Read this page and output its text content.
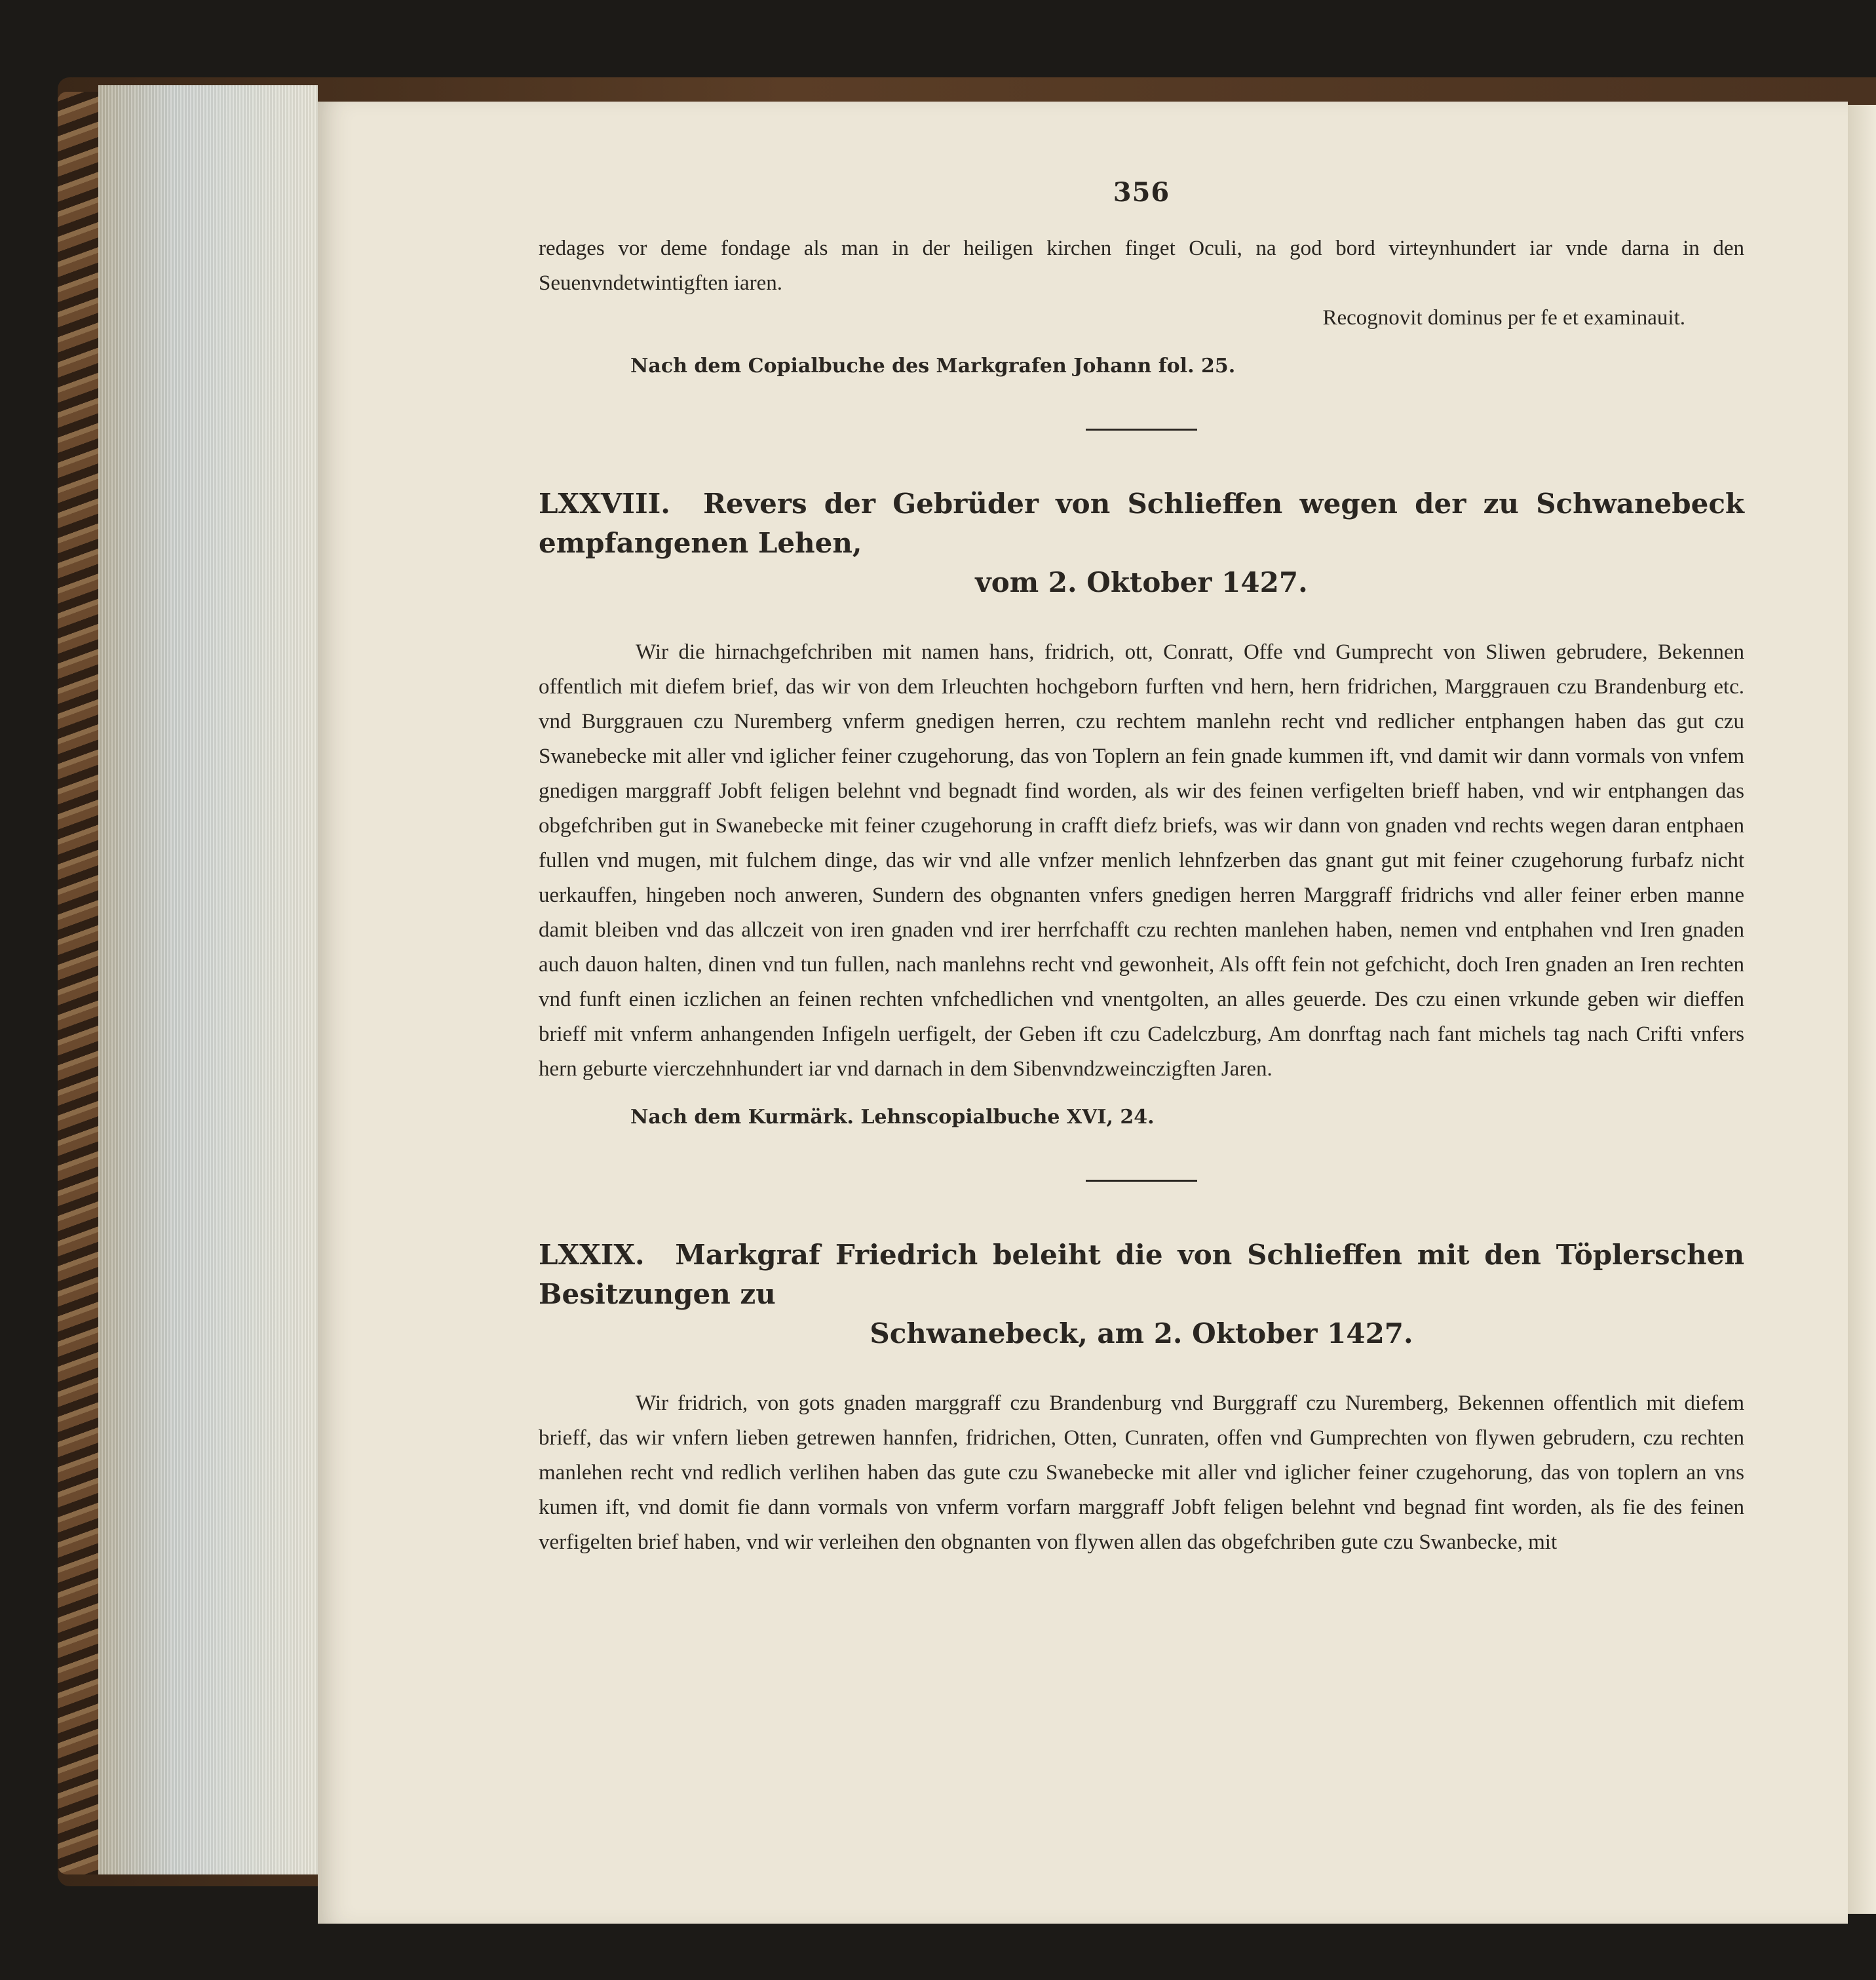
356

redages vor deme fondage als man in der heiligen kirchen finget Oculi, na god bord virteynhundert iar vnde darna in den Seuenvndetwintigften iaren.

Recognovit dominus per fe et examinauit.

Nach dem Copialbuche des Markgrafen Johann fol. 25.

LXXVIII. Revers der Gebrüder von Schlieffen wegen der zu Schwanebeck empfangenen Lehen,
vom 2. Oktober 1427.

Wir die hirnachgefchriben mit namen hans, fridrich, ott, Conratt, Offe vnd Gumprecht von Sliwen gebrudere, Bekennen offentlich mit diefem brief, das wir von dem Irleuchten hochgeborn furften vnd hern, hern fridrichen, Marggrauen czu Brandenburg etc. vnd Burggrauen czu Nuremberg vnferm gnedigen herren, czu rechtem manlehn recht vnd redlicher entphangen haben das gut czu Swanebecke mit aller vnd iglicher feiner czugehorung, das von Toplern an fein gnade kummen ift, vnd damit wir dann vormals von vnfem gnedigen marggraff Jobft feligen belehnt vnd begnadt find worden, als wir des feinen verfigelten brieff haben, vnd wir entphangen das obgefchriben gut in Swanebecke mit feiner czugehorung in crafft diefz briefs, was wir dann von gnaden vnd rechts wegen daran entphaen fullen vnd mugen, mit fulchem dinge, das wir vnd alle vnfzer menlich lehnfzerben das gnant gut mit feiner czugehorung furbafz nicht uerkauffen, hingeben noch anweren, Sundern des obgnanten vnfers gnedigen herren Marggraff fridrichs vnd aller feiner erben manne damit bleiben vnd das allczeit von iren gnaden vnd irer herrfchafft czu rechten manlehen haben, nemen vnd entphahen vnd Iren gnaden auch dauon halten, dinen vnd tun fullen, nach manlehns recht vnd gewonheit, Als offt fein not gefchicht, doch Iren gnaden an Iren rechten vnd funft einen iczlichen an feinen rechten vnfchedlichen vnd vnentgolten, an alles geuerde. Des czu einen vrkunde geben wir dieffen brieff mit vnferm anhangenden Infigeln uerfigelt, der Geben ift czu Cadelczburg, Am donrftag nach fant michels tag nach Crifti vnfers hern geburte vierczehnhundert iar vnd darnach in dem Sibenvndzweinczigften Jaren.

Nach dem Kurmärk. Lehnscopialbuche XVI, 24.

LXXIX. Markgraf Friedrich beleiht die von Schlieffen mit den Töplerschen Besitzungen zu
Schwanebeck, am 2. Oktober 1427.

Wir fridrich, von gots gnaden marggraff czu Brandenburg vnd Burggraff czu Nuremberg, Bekennen offentlich mit diefem brieff, das wir vnfern lieben getrewen hannfen, fridrichen, Otten, Cunraten, offen vnd Gumprechten von flywen gebrudern, czu rechten manlehen recht vnd redlich verlihen haben das gute czu Swanebecke mit aller vnd iglicher feiner czugehorung, das von toplern an vns kumen ift, vnd domit fie dann vormals von vnferm vorfarn marggraff Jobft feligen belehnt vnd begnad fint worden, als fie des feinen verfigelten brief haben, vnd wir verleihen den obgnanten von flywen allen das obgefchriben gute czu Swanbecke, mit
